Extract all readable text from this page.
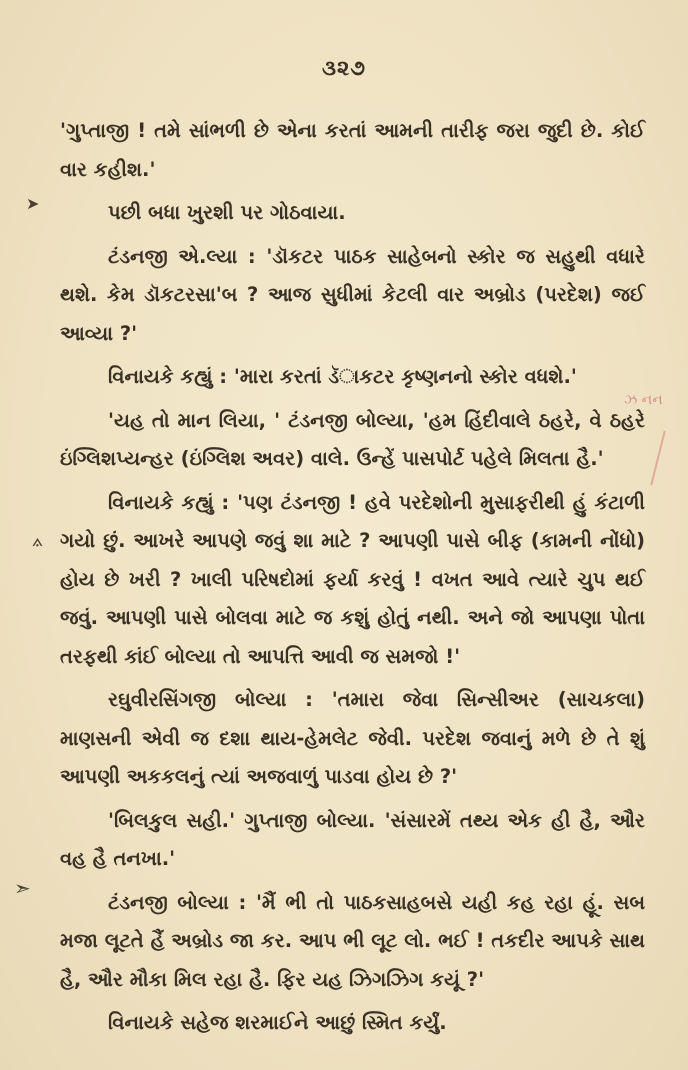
૩૨૭

'ગુપ્તાજી ! તમે સાંભળી છે એના કરતાં આમની તારીફ જરા જુદી છે. કોઈ વાર કહીશ.'

પછી બધા ખુરશી પર ગોઠવાયા.

ટંડનજી એ.લ્યા : 'ડૉકટર પાઠક સાહેબનો સ્કોર જ સહુથી વધારે થશે. કેમ ડૉકટરસા'બ ? આજ સુધીમાં કેટલી વાર અબ્રોડ (પરદેશ) જઈ આવ્યા ?'

વિનાયકે કહ્યું : 'મારા કરતાં ડૅાકટર કૃષ્ણનનો સ્કોર વધશે.'

'યહ તો માન લિયા, ' ટંડનજી બોલ્યા, 'હમ હિંદીવાલે ઠહરે, વે ઠહરે ઇંગ્લિશપ્યન્હર (ઇંગ્લિશ અવર) વાલે. ઉન્હેં પાસપોર્ટ પહેલે મિલતા હૈ.'

વિનાયકે કહ્યું : 'પણ ટંડનજી ! હવે પરદેશોની મુસાફરીથી હું કંટાળી ગયો છું. આખરે આપણે જવું શા માટે ? આપણી પાસે બીફ (કામની નોંધો) હોય છે ખરી ? ખાલી પરિષદોમાં ફર્યા કરવું ! વખત આવે ત્યારે ચુપ થઈ જવું. આપણી પાસે બોલવા માટે જ કશું હોતું નથી. અને જો આપણા પોતા તરફથી કાંઈ બોલ્યા તો આપત્તિ આવી જ સમજો !'

રઘુવીરસિંગજી બોલ્યા : 'તમારા જેવા સિન્સીઅર (સાચકલા) માણસની એવી જ દશા થાય-હેમલેટ જેવી. પરદેશ જવાનું મળે છે તે શું આપણી અકકલનું ત્યાં અજવાળું પાડવા હોય છે ?'

'બિલકુલ સહી.' ગુપ્તાજી બોલ્યા. 'સંસારમેં તથ્ય એક હી હૈ, ઔર વહ હૈ તનખા.'

ટંડનજી બોલ્યા : 'મૈં ભી તો પાઠકસાહબસે યહી કહ રહા હૂં. સબ મજા લૂટતે હૈં અબ્રોડ જા કર. આપ ભી લૂટ લો. ભઈ ! તકદીર આપકે સાથ હૈ, ઔર મૌકા મિલ રહા હૈ. ફિર યહ ઝિગઝિગ કયૂં ?'

વિનાયકે સહેજ શરમાઈને આછું સ્મિત કર્યું.

➤
⟑
➣
ઝ નન
